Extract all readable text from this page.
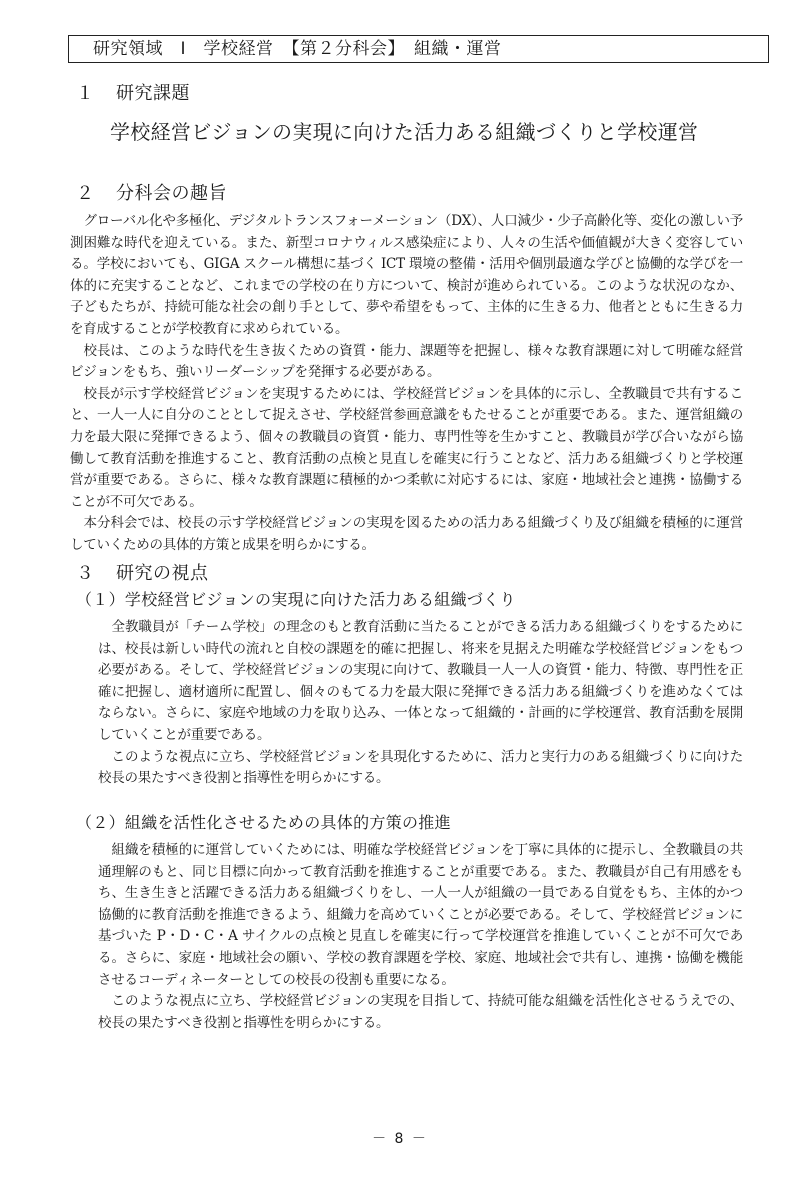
研究領域　Ⅰ　学校経営　【第２分科会】　組織・運営
１ 研究課題
学校経営ビジョンの実現に向けた活力ある組織づくりと学校運営
２ 分科会の趣旨

グローバル化や多極化、デジタルトランスフォーメーション（DX）、人口減少・少子高齢化等、変化の激しい予測困難な時代を迎えている。また、新型コロナウィルス感染症により、人々の生活や価値観が大きく変容している。学校においても、GIGA スクール構想に基づく ICT 環境の整備・活用や個別最適な学びと協働的な学びを一体的に充実することなど、これまでの学校の在り方について、検討が進められている。このような状況のなか、子どもたちが、持続可能な社会の創り手として、夢や希望をもって、主体的に生きる力、他者とともに生きる力を育成することが学校教育に求められている。

校長は、このような時代を生き抜くための資質・能力、課題等を把握し、様々な教育課題に対して明確な経営ビジョンをもち、強いリーダーシップを発揮する必要がある。

校長が示す学校経営ビジョンを実現するためには、学校経営ビジョンを具体的に示し、全教職員で共有すること、一人一人に自分のこととして捉えさせ、学校経営参画意識をもたせることが重要である。また、運営組織の力を最大限に発揮できるよう、個々の教職員の資質・能力、専門性等を生かすこと、教職員が学び合いながら協働して教育活動を推進すること、教育活動の点検と見直しを確実に行うことなど、活力ある組織づくりと学校運営が重要である。さらに、様々な教育課題に積極的かつ柔軟に対応するには、家庭・地域社会と連携・協働することが不可欠である。

本分科会では、校長の示す学校経営ビジョンの実現を図るための活力ある組織づくり及び組織を積極的に運営していくための具体的方策と成果を明らかにする。

３ 研究の視点
（１）学校経営ビジョンの実現に向けた活力ある組織づくり

全教職員が「チーム学校」の理念のもと教育活動に当たることができる活力ある組織づくりをするためには、校長は新しい時代の流れと自校の課題を的確に把握し、将来を見据えた明確な学校経営ビジョンをもつ必要がある。そして、学校経営ビジョンの実現に向けて、教職員一人一人の資質・能力、特徴、専門性を正確に把握し、適材適所に配置し、個々のもてる力を最大限に発揮できる活力ある組織づくりを進めなくてはならない。さらに、家庭や地域の力を取り込み、一体となって組織的・計画的に学校運営、教育活動を展開していくことが重要である。

このような視点に立ち、学校経営ビジョンを具現化するために、活力と実行力のある組織づくりに向けた校長の果たすべき役割と指導性を明らかにする。

（２）組織を活性化させるための具体的方策の推進

組織を積極的に運営していくためには、明確な学校経営ビジョンを丁寧に具体的に提示し、全教職員の共通理解のもと、同じ目標に向かって教育活動を推進することが重要である。また、教職員が自己有用感をもち、生き生きと活躍できる活力ある組織づくりをし、一人一人が組織の一員である自覚をもち、主体的かつ協働的に教育活動を推進できるよう、組織力を高めていくことが必要である。そして、学校経営ビジョンに基づいた P・D・C・A サイクルの点検と見直しを確実に行って学校運営を推進していくことが不可欠である。さらに、家庭・地域社会の願い、学校の教育課題を学校、家庭、地域社会で共有し、連携・協働を機能させるコーディネーターとしての校長の役割も重要になる。

このような視点に立ち、学校経営ビジョンの実現を目指して、持続可能な組織を活性化させるうえでの、校長の果たすべき役割と指導性を明らかにする。

－ 8 －
